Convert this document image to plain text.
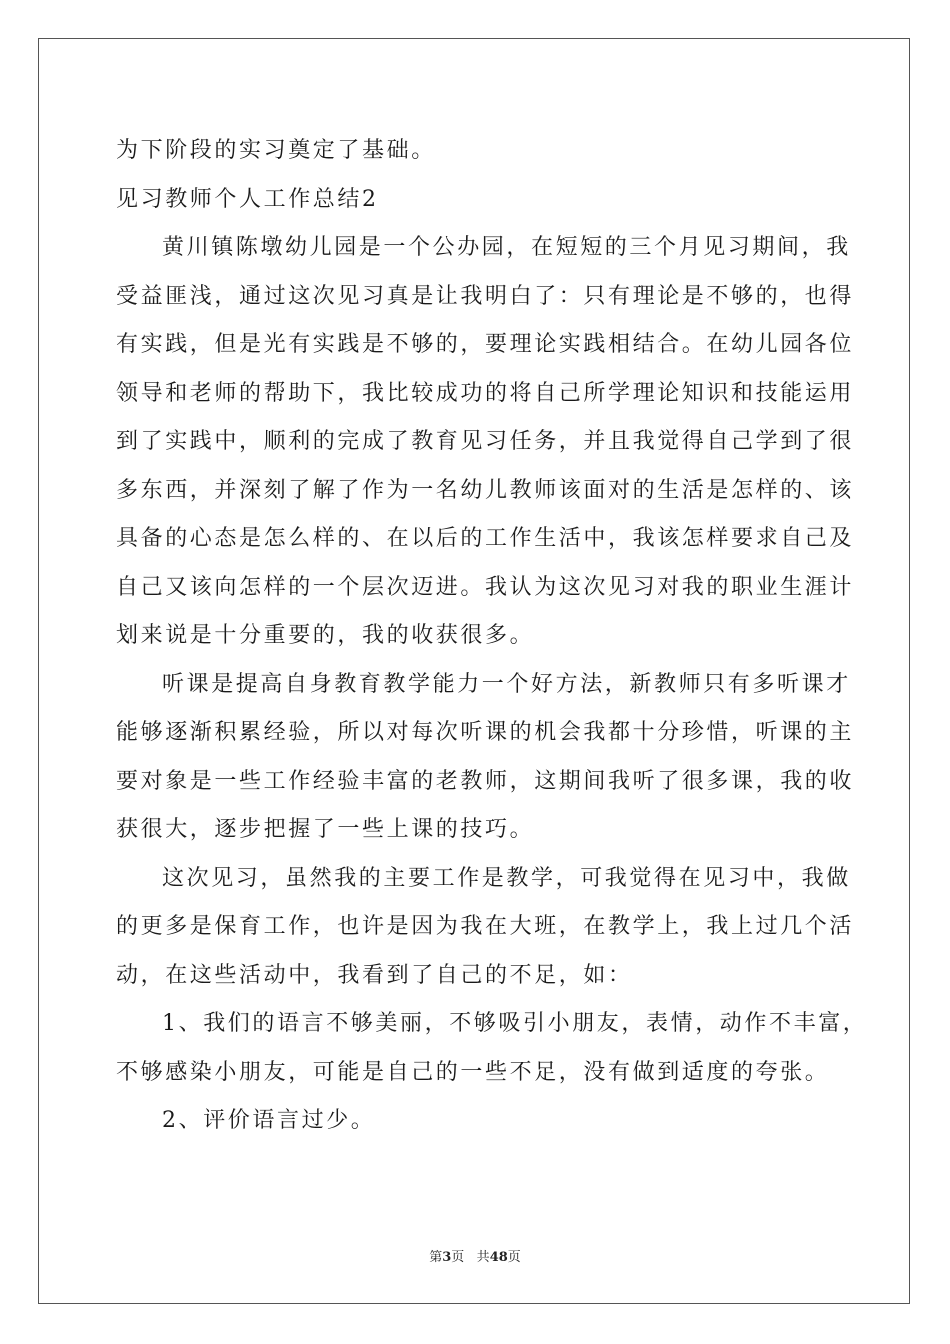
为下阶段的实习奠定了基础。
见习教师个人工作总结2
黄川镇陈墩幼儿园是一个公办园，在短短的三个月见习期间，我
受益匪浅，通过这次见习真是让我明白了：只有理论是不够的，也得
有实践，但是光有实践是不够的，要理论实践相结合。在幼儿园各位
领导和老师的帮助下，我比较成功的将自己所学理论知识和技能运用
到了实践中，顺利的完成了教育见习任务，并且我觉得自己学到了很
多东西，并深刻了解了作为一名幼儿教师该面对的生活是怎样的、该
具备的心态是怎么样的、在以后的工作生活中，我该怎样要求自己及
自己又该向怎样的一个层次迈进。我认为这次见习对我的职业生涯计
划来说是十分重要的，我的收获很多。
听课是提高自身教育教学能力一个好方法，新教师只有多听课才
能够逐渐积累经验，所以对每次听课的机会我都十分珍惜，听课的主
要对象是一些工作经验丰富的老教师，这期间我听了很多课，我的收
获很大，逐步把握了一些上课的技巧。
这次见习，虽然我的主要工作是教学，可我觉得在见习中，我做
的更多是保育工作，也许是因为我在大班，在教学上，我上过几个活
动，在这些活动中，我看到了自己的不足，如：
1、我们的语言不够美丽，不够吸引小朋友，表情，动作不丰富，
不够感染小朋友，可能是自己的一些不足，没有做到适度的夸张。
2、评价语言过少。
第3页 共48页
